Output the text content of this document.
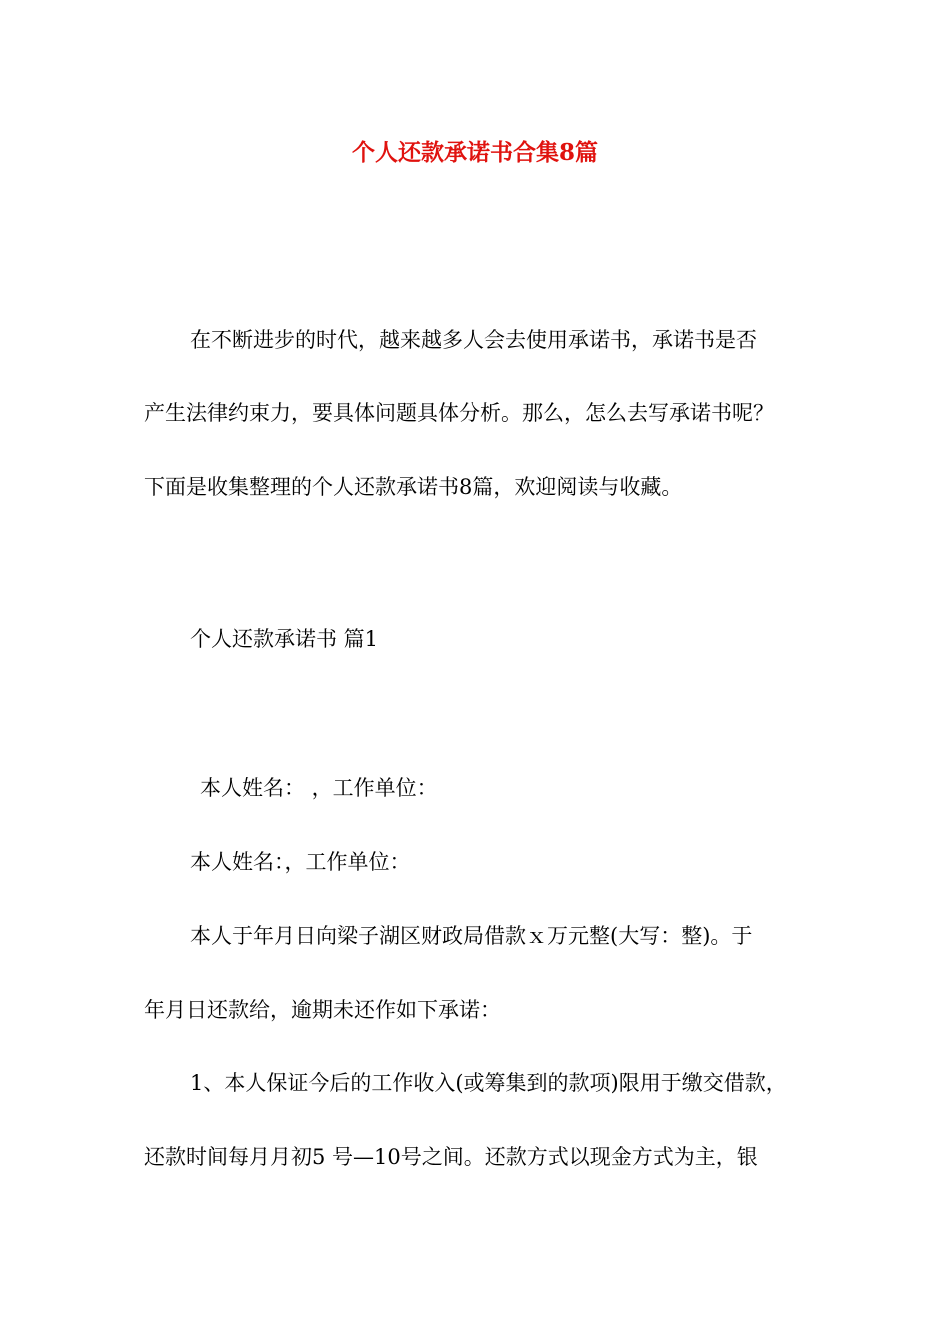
个人还款承诺书合集8篇
在不断进步的时代，越来越多人会去使用承诺书，承诺书是否
产生法律约束力，要具体问题具体分析。那么，怎么去写承诺书呢？
下面是收集整理的个人还款承诺书8篇，欢迎阅读与收藏。
个人还款承诺书 篇1
本人姓名： ，工作单位：
本人姓名：，工作单位：
本人于年月日向梁子湖区财政局借款ｘ万元整(大写：整)。于
年月日还款给，逾期未还作如下承诺：
1、本人保证今后的工作收入(或筹集到的款项)限用于缴交借款，
还款时间每月月初5 号—10号之间。还款方式以现金方式为主，银
